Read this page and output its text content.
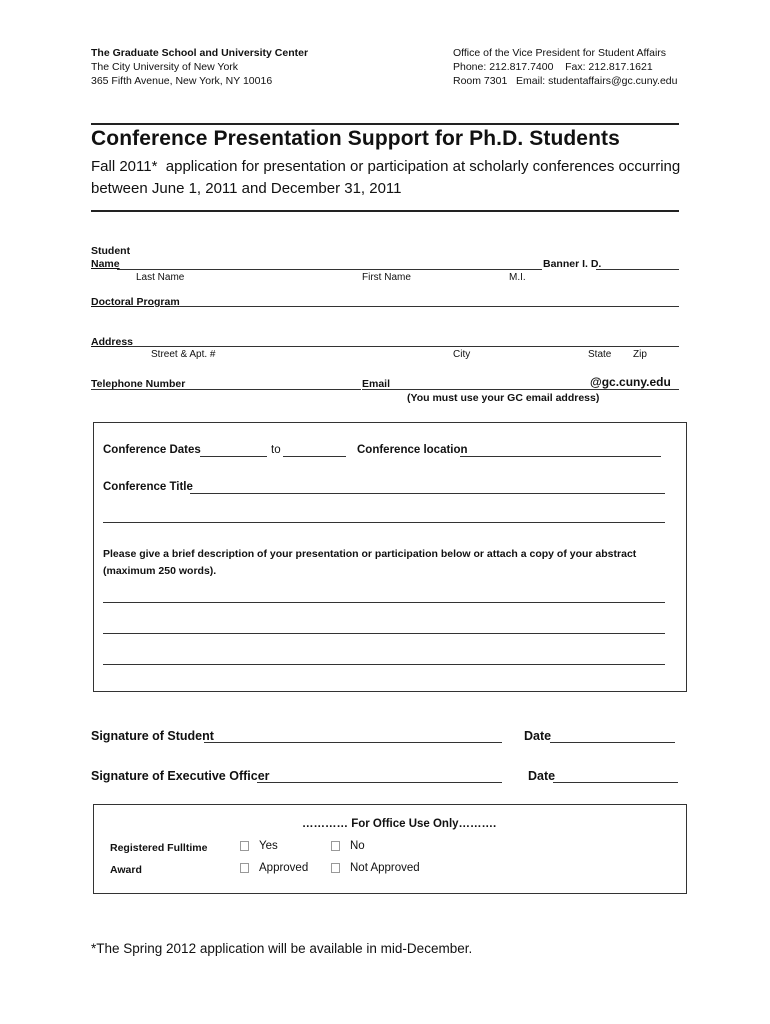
The Graduate School and University Center
The City University of New York
365 Fifth Avenue, New York, NY 10016
Office of the Vice President for Student Affairs
Phone: 212.817.7400    Fax: 212.817.1621
Room 7301   Email: studentaffairs@gc.cuny.edu
Conference Presentation Support for Ph.D. Students
Fall 2011*  application for presentation or participation at scholarly conferences occurring
between June 1, 2011 and December 31, 2011
Student
Name	Banner I. D.
Last Name	First Name	M.I.
Doctoral Program
Address
Street & Apt. #	City	State Zip
Telephone Number	Email	@gc.cuny.edu
(You must use your GC email address)
Conference Dates	to	Conference location
Conference Title
Please give a brief description of your presentation or participation below or attach a copy of your abstract
(maximum 250 words).
Signature of Student	Date
Signature of Executive Officer	Date
………… For Office Use Only……….
Registered Fulltime	Yes	No
Award	Approved	Not Approved
*The Spring 2012 application will be available in mid-December.
